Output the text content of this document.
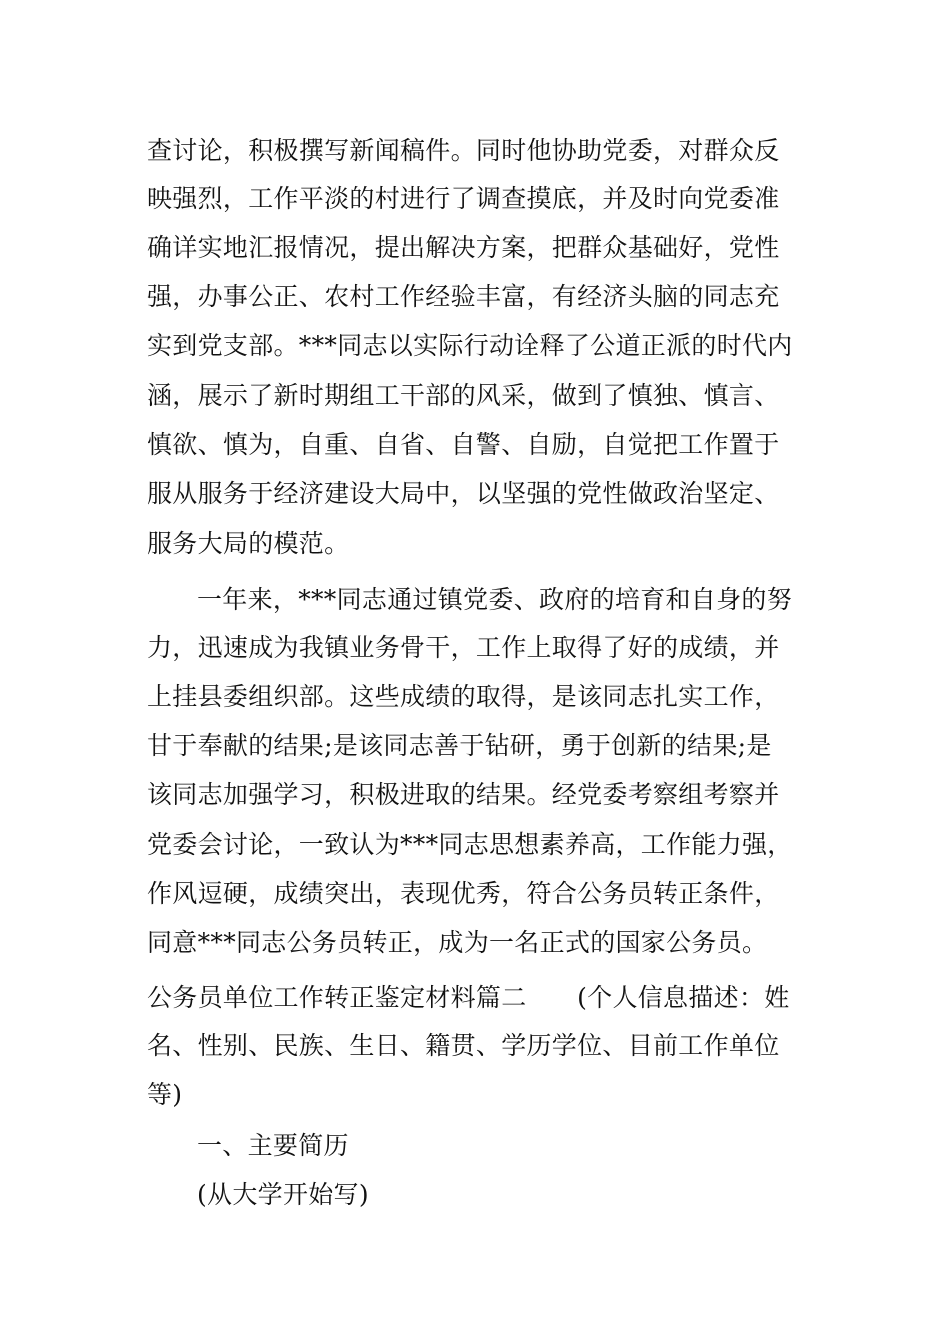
查讨论，积极撰写新闻稿件。同时他协助党委，对群众反
映强烈，工作平淡的村进行了调查摸底，并及时向党委准
确详实地汇报情况，提出解决方案，把群众基础好，党性
强，办事公正、农村工作经验丰富，有经济头脑的同志充
实到党支部。***同志以实际行动诠释了公道正派的时代内
涵，展示了新时期组工干部的风采，做到了慎独、慎言、
慎欲、慎为，自重、自省、自警、自励，自觉把工作置于
服从服务于经济建设大局中，以坚强的党性做政治坚定、
服务大局的模范。
一年来，***同志通过镇党委、政府的培育和自身的努
力，迅速成为我镇业务骨干，工作上取得了好的成绩，并
上挂县委组织部。这些成绩的取得，是该同志扎实工作，
甘于奉献的结果;是该同志善于钻研，勇于创新的结果;是
该同志加强学习，积极进取的结果。经党委考察组考察并
党委会讨论，一致认为***同志思想素养高，工作能力强，
作风逗硬，成绩突出，表现优秀，符合公务员转正条件，
同意***同志公务员转正，成为一名正式的国家公务员。
公务员单位工作转正鉴定材料篇二　　(个人信息描述：姓
名、性别、民族、生日、籍贯、学历学位、目前工作单位
等)
一、主要简历
(从大学开始写)
